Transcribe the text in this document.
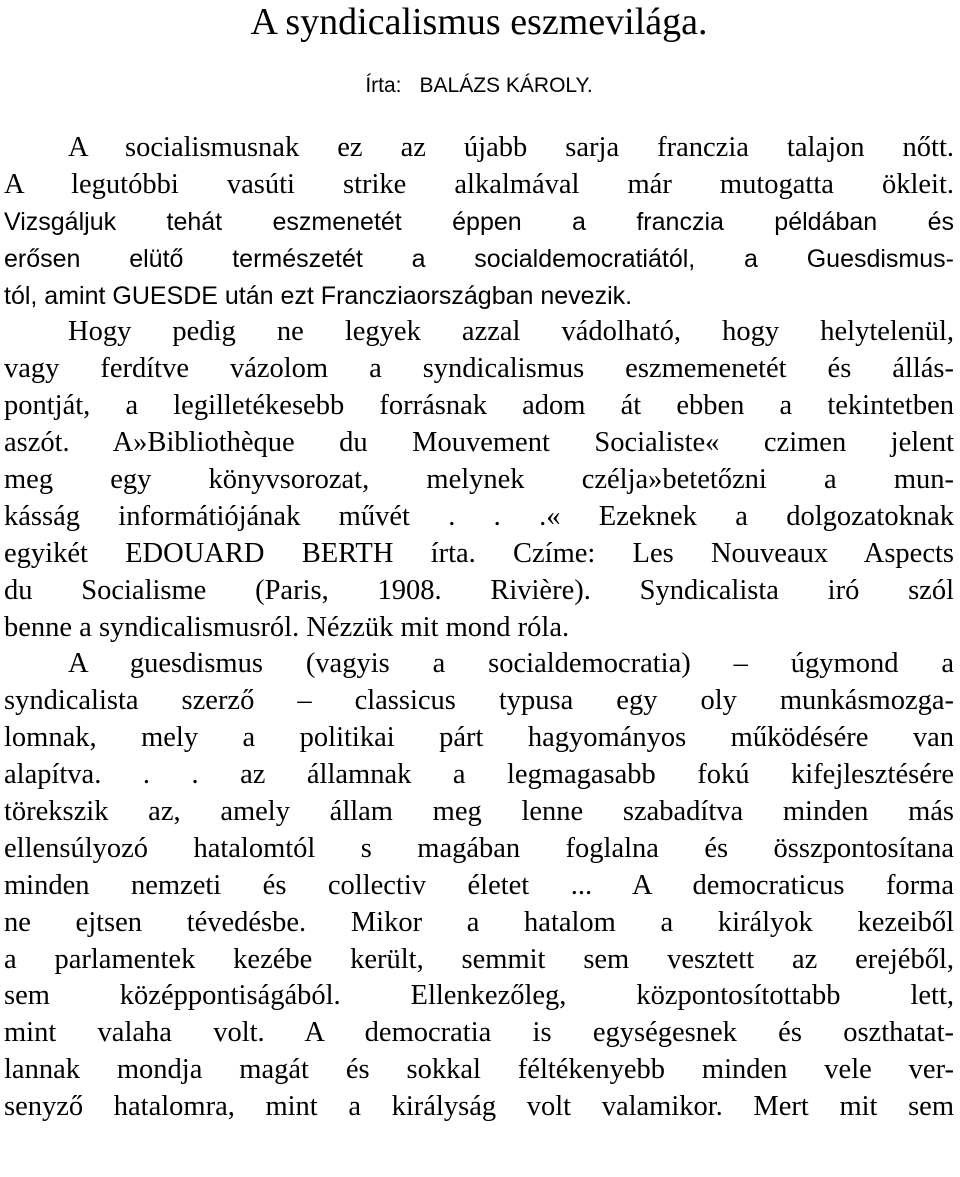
A syndicalismus eszmevilága.
Írta: BALÁZS KÁROLY.
A socialismusnak ez az újabb sarja franczia talajon nőtt.
A legutóbbi vasúti strike alkalmával már mutogatta ökleit.
Vizsgáljuk tehát eszmenetét éppen a franczia példában és
erősen elütő természetét a socialdemocratiától, a Guesdismus-
tól, amint GUESDE után ezt Francziaországban nevezik.
Hogy pedig ne legyek azzal vádolható, hogy helytelenül,
vagy ferdítve vázolom a syndicalismus eszmemenetét és állás-
pontját, a legilletékesebb forrásnak adom át ebben a tekintetben
aszót. A»Bibliothèque du Mouvement Socialiste« czimen jelent
meg egy könyvsorozat, melynek czélja»betetőzni a mun-
kásság informátiójának művét . . .« Ezeknek a dolgozatoknak
egyikét EDOUARD BERTH írta. Czíme: Les Nouveaux Aspects
du Socialisme (Paris, 1908. Rivière). Syndicalista iró szól
benne a syndicalismusról. Nézzük mit mond róla.
A guesdismus (vagyis a socialdemocratia) – úgymond a
syndicalista szerző – classicus typusa egy oly munkásmozga-
lomnak, mely a politikai párt hagyományos működésére van
alapítva. . . az államnak a legmagasabb fokú kifejlesztésére
törekszik az, amely állam meg lenne szabadítva minden más
ellensúlyozó hatalomtól s magában foglalna és összpontosítana
minden nemzeti és collectiv életet ... A democraticus forma
ne ejtsen tévedésbe. Mikor a hatalom a királyok kezeiből
a parlamentek kezébe került, semmit sem vesztett az erejéből,
sem középpontiságából. Ellenkezőleg, központosítottabb lett,
mint valaha volt. A democratia is egységesnek és oszthatat-
lannak mondja magát és sokkal féltékenyebb minden vele ver-
senyző hatalomra, mint a királyság volt valamikor. Mert mit sem
